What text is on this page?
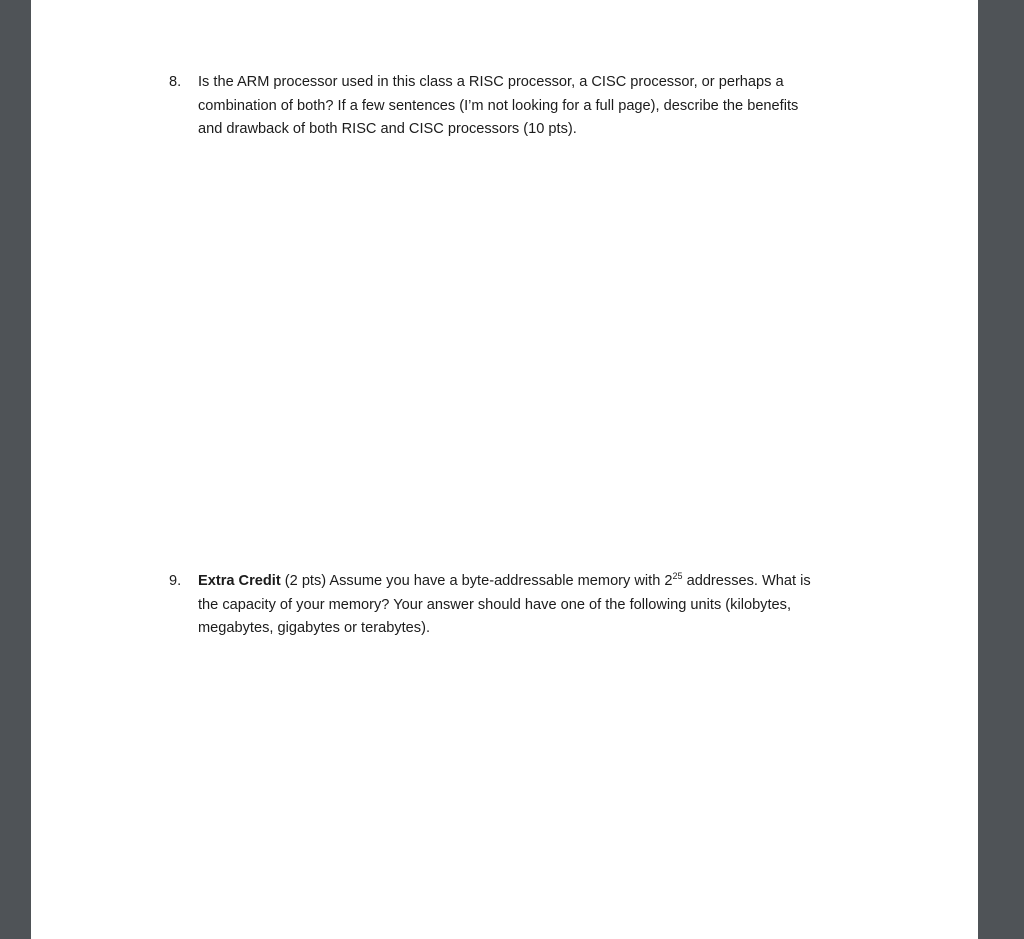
8.	Is the ARM processor used in this class a RISC processor, a CISC processor, or perhaps a
combination of both? If a few sentences (I’m not looking for a full page), describe the benefits
and drawback of both RISC and CISC processors (10 pts).
9.	Extra Credit (2 pts) Assume you have a byte-addressable memory with $2^{25}$ addresses. What is
the capacity of your memory? Your answer should have one of the following units (kilobytes,
megabytes, gigabytes or terabytes).
